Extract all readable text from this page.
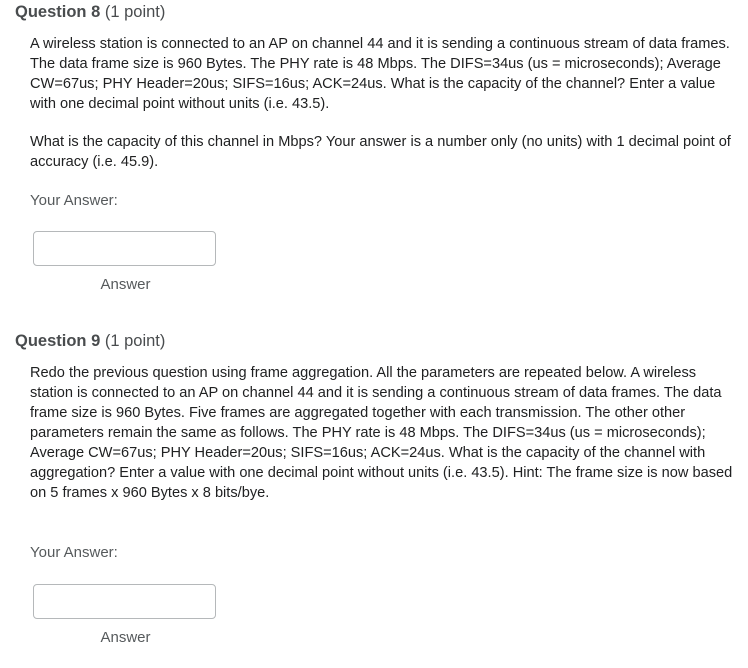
Question 8 (1 point)

A wireless station is connected to an AP on channel 44 and it is sending a continuous stream of data frames. The data frame size is 960 Bytes. The PHY rate is 48 Mbps. The DIFS=34us (us = microseconds); Average CW=67us; PHY Header=20us; SIFS=16us; ACK=24us. What is the capacity of the channel? Enter a value with one decimal point without units (i.e. 43.5).

What is the capacity of this channel in Mbps? Your answer is a number only (no units) with 1 decimal point of accuracy (i.e. 45.9).

Your Answer:
Answer
Question 9 (1 point)

Redo the previous question using frame aggregation. All the parameters are repeated below. A wireless station is connected to an AP on channel 44 and it is sending a continuous stream of data frames. The data frame size is 960 Bytes. Five frames are aggregated together with each transmission. The other other parameters remain the same as follows. The PHY rate is 48 Mbps. The DIFS=34us (us = microseconds); Average CW=67us; PHY Header=20us; SIFS=16us; ACK=24us. What is the capacity of the channel with aggregation? Enter a value with one decimal point without units (i.e. 43.5). Hint: The frame size is now based on 5 frames x 960 Bytes x 8 bits/bye.

Your Answer:
Answer
